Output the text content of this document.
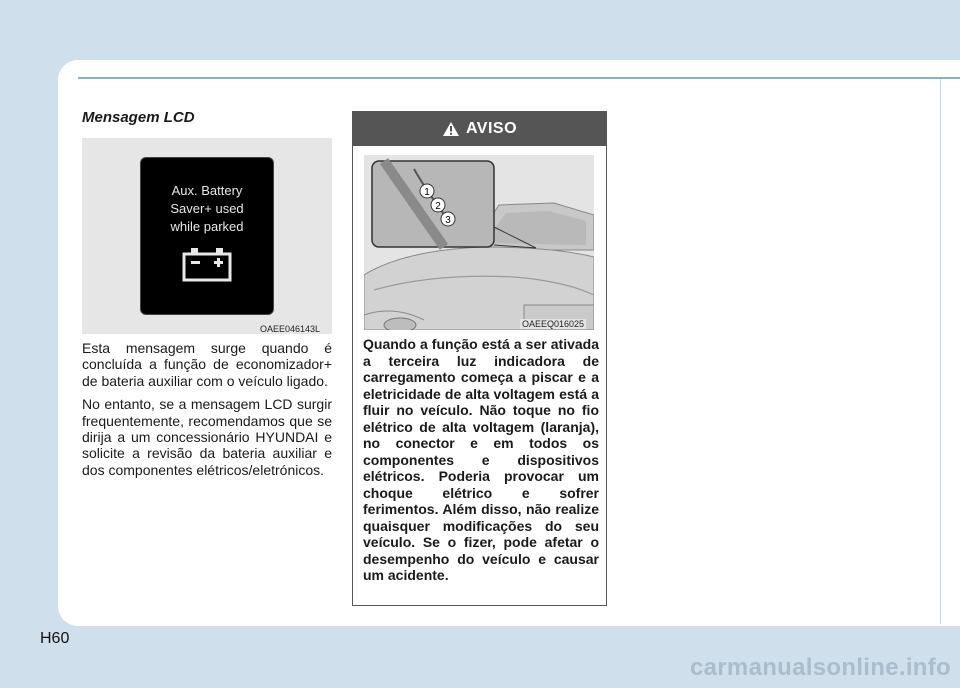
Mensagem LCD
Aux. Battery
Saver+ used
while parked
OAEE046143L

Esta mensagem surge quando é concluída a função de economizador+ de bateria auxiliar com o veículo ligado.

No entanto, se a mensagem LCD surgir frequentemente, recomendamos que se dirija a um concessionário HYUNDAI e solicite a revisão da bateria auxiliar e dos componentes elétricos/eletrónicos.

AVISO
1
2
3
OAEEQ016025

Quando a função está a ser ativada a terceira luz indicadora de carregamento começa a piscar e a eletricidade de alta voltagem está a fluir no veículo. Não toque no fio elétrico de alta voltagem (laranja), no conector e em todos os componentes e dispositivos elétricos. Poderia provocar um choque elétrico e sofrer ferimentos. Além disso, não realize quaisquer modificações do seu veículo. Se o fizer, pode afetar o desempenho do veículo e causar um acidente.

H60
carmanualsonline.info
